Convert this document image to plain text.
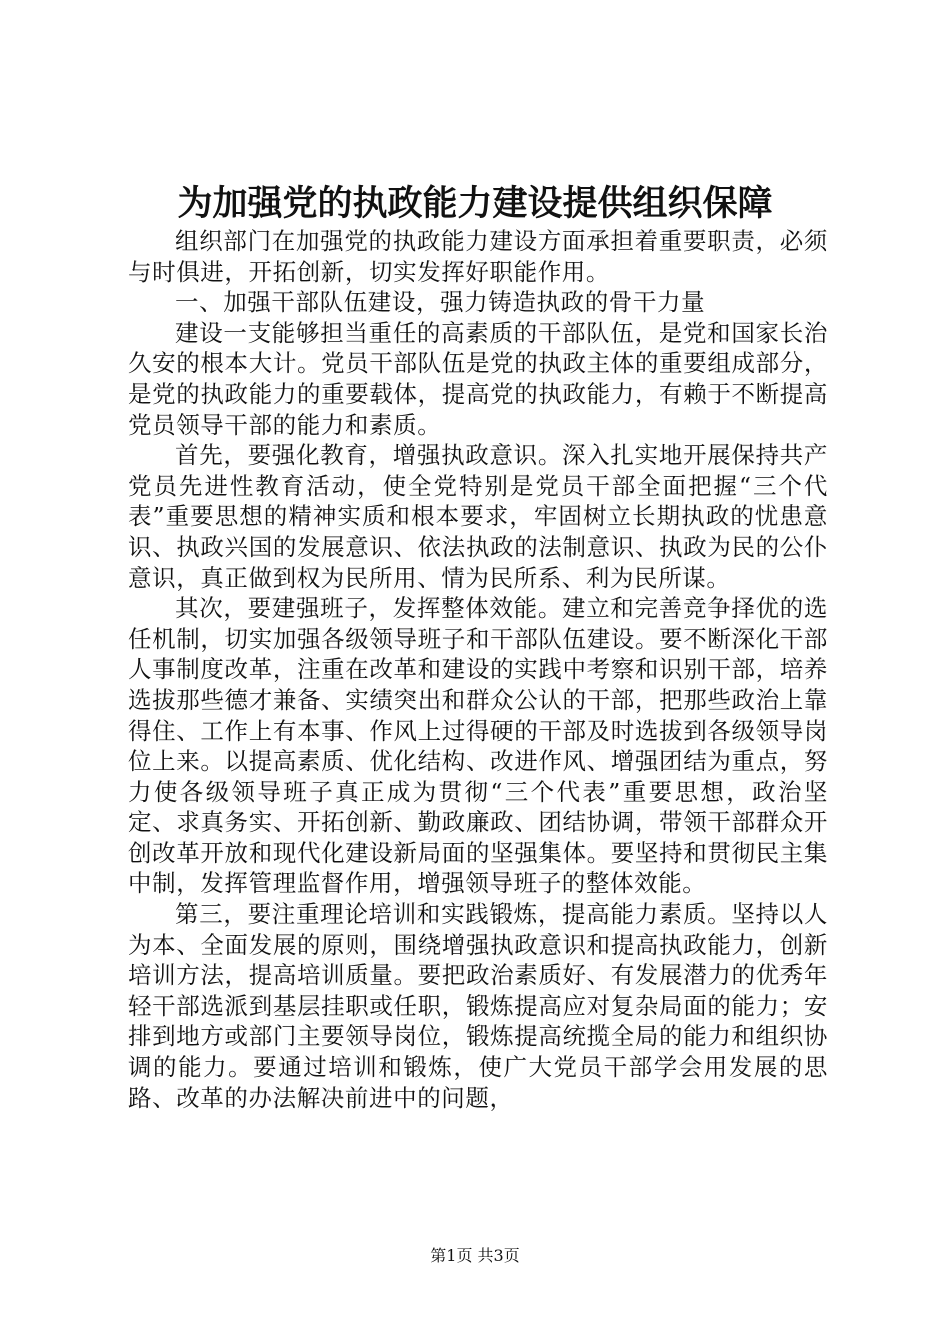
为加强党的执政能力建设提供组织保障

组织部门在加强党的执政能力建设方面承担着重要职责，必须与时俱进，开拓创新，切实发挥好职能作用。

一、加强干部队伍建设，强力铸造执政的骨干力量

建设一支能够担当重任的高素质的干部队伍，是党和国家长治久安的根本大计。党员干部队伍是党的执政主体的重要组成部分，是党的执政能力的重要载体，提高党的执政能力，有赖于不断提高党员领导干部的能力和素质。

首先，要强化教育，增强执政意识。深入扎实地开展保持共产党员先进性教育活动，使全党特别是党员干部全面把握“三个代表”重要思想的精神实质和根本要求，牢固树立长期执政的忧患意识、执政兴国的发展意识、依法执政的法制意识、执政为民的公仆意识，真正做到权为民所用、情为民所系、利为民所谋。

其次，要建强班子，发挥整体效能。建立和完善竞争择优的选任机制，切实加强各级领导班子和干部队伍建设。要不断深化干部人事制度改革，注重在改革和建设的实践中考察和识别干部，培养选拔那些德才兼备、实绩突出和群众公认的干部，把那些政治上靠得住、工作上有本事、作风上过得硬的干部及时选拔到各级领导岗位上来。以提高素质、优化结构、改进作风、增强团结为重点，努力使各级领导班子真正成为贯彻“三个代表”重要思想，政治坚定、求真务实、开拓创新、勤政廉政、团结协调，带领干部群众开创改革开放和现代化建设新局面的坚强集体。要坚持和贯彻民主集中制，发挥管理监督作用，增强领导班子的整体效能。

第三，要注重理论培训和实践锻炼，提高能力素质。坚持以人为本、全面发展的原则，围绕增强执政意识和提高执政能力，创新培训方法，提高培训质量。要把政治素质好、有发展潜力的优秀年轻干部选派到基层挂职或任职，锻炼提高应对复杂局面的能力；安排到地方或部门主要领导岗位，锻炼提高统揽全局的能力和组织协调的能力。要通过培训和锻炼，使广大党员干部学会用发展的思路、改革的办法解决前进中的问题，

第1页 共3页
